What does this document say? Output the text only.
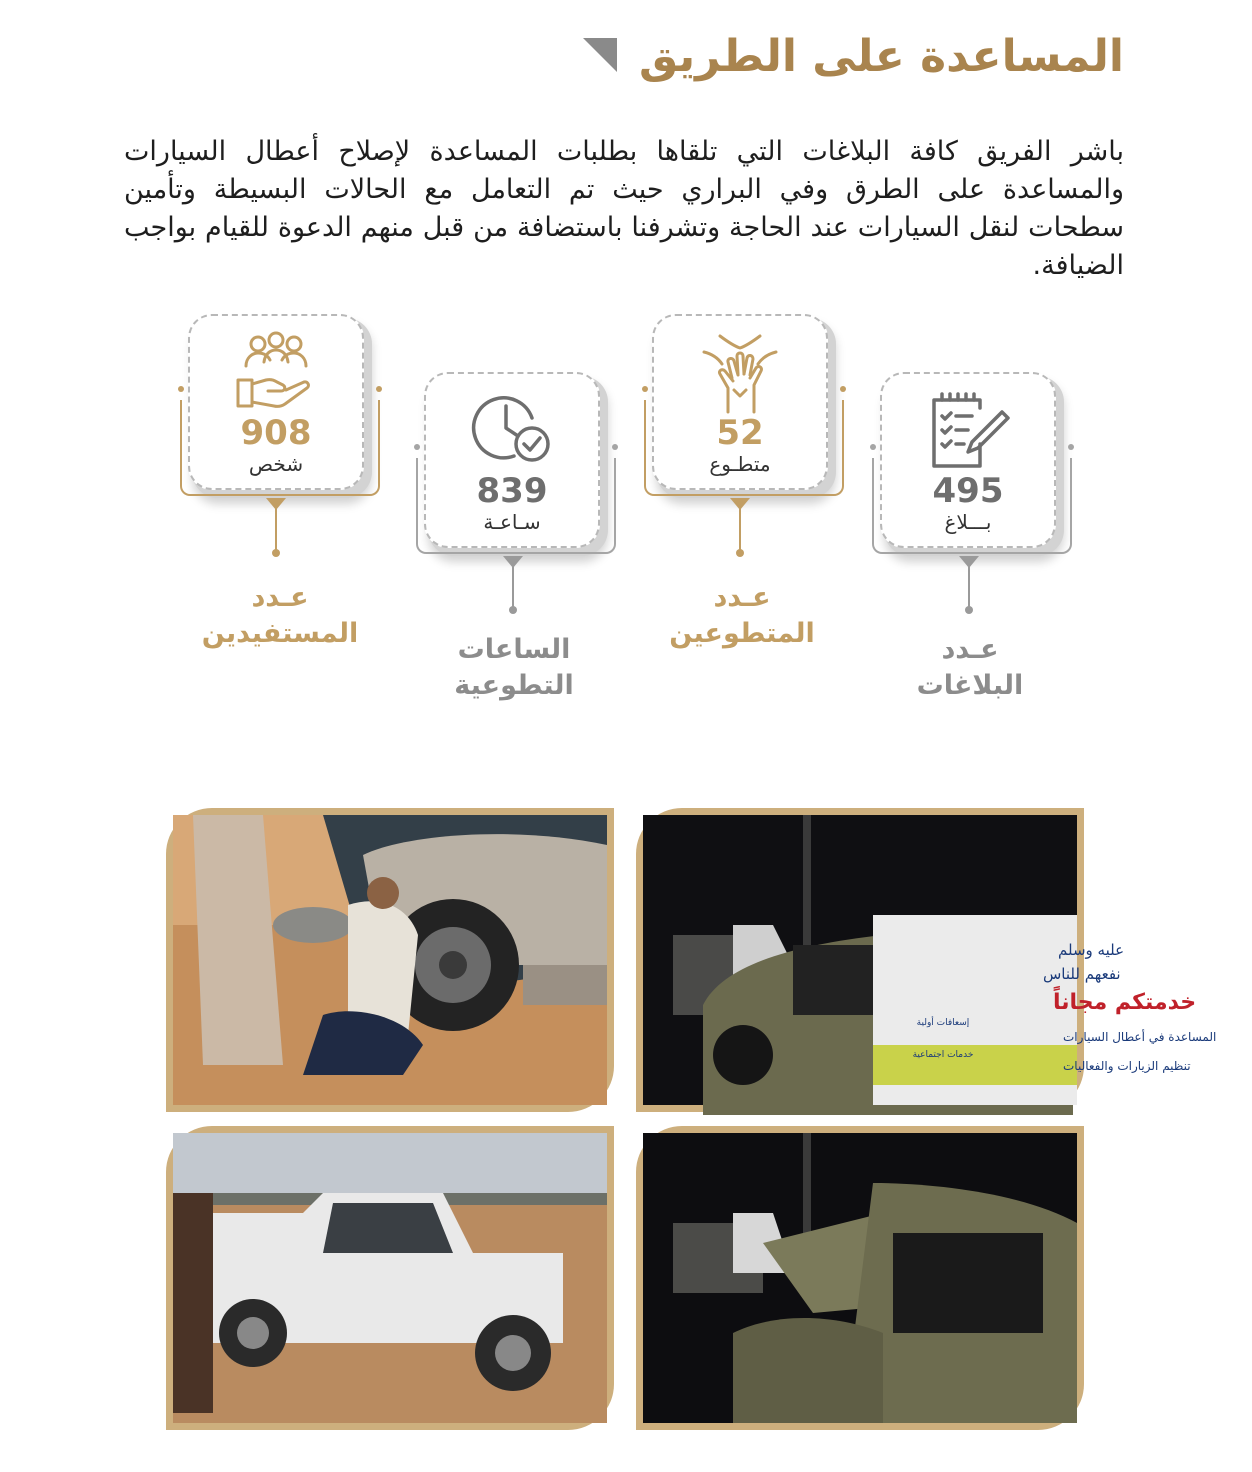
المساعدة على الطريق

باشر الفريق كافة البلاغات التي تلقاها بطلبات المساعدة لإصلاح أعطال السيارات والمساعدة على الطرق وفي البراري حيث تم التعامل مع الحالات البسيطة وتأمين سطحات لنقل السيارات عند الحاجة وتشرفنا باستضافة من قبل منهم الدعوة للقيام بواجب الضيافة.

908
شخص
عـدد
المستفيدين
839
سـاعـة
الساعات
التطوعية
52
متطـوع
عـدد
المتطوعين
495
بـــلاغ
عـدد
البلاغات
عليه وسلم
نفعهم للناس
خدمتكم مجاناً
المساعدة في أعطال السيارات
تنظيم الزيارات والفعاليات
إسعافات أولية
خدمات اجتماعية
